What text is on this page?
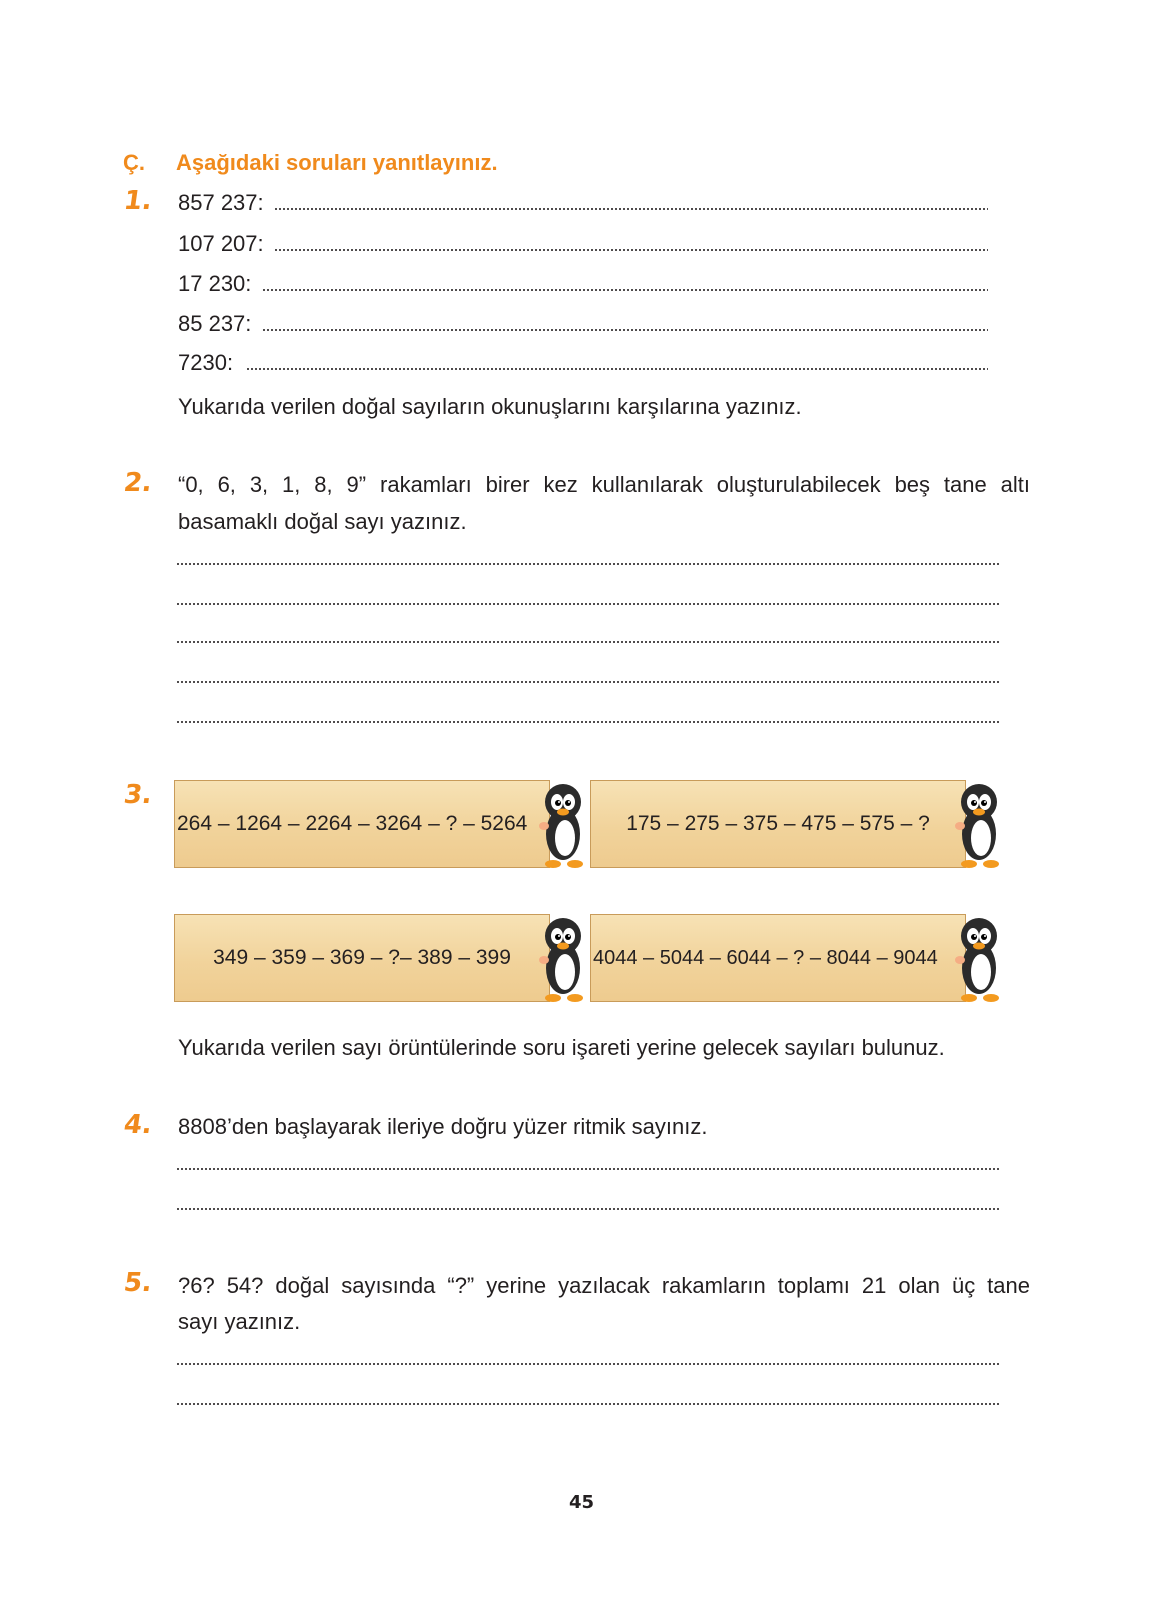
Ç. Aşağıdaki soruları yanıtlayınız.
1. 857 237:
107 207:
17 230:
85 237:
7230:
Yukarıda verilen doğal sayıların okunuşlarını karşılarına yazınız.
2. “0, 6, 3, 1, 8, 9” rakamları birer kez kullanılarak oluşturulabilecek beş tane altı
basamaklı doğal sayı yazınız.
3.
264 – 1264 – 2264 – 3264 – ? – 5264	175 – 275 – 375 – 475 – 575 – ?
349 – 359 – 369 – ?– 389 – 399	4044 – 5044 – 6044 – ? – 8044 – 9044
Yukarıda verilen sayı örüntülerinde soru işareti yerine gelecek sayıları bulunuz.
4. 8808’den başlayarak ileriye doğru yüzer ritmik sayınız.
5. ?6? 54? doğal sayısında “?” yerine yazılacak rakamların toplamı 21 olan üç tane
sayı yazınız.
45
